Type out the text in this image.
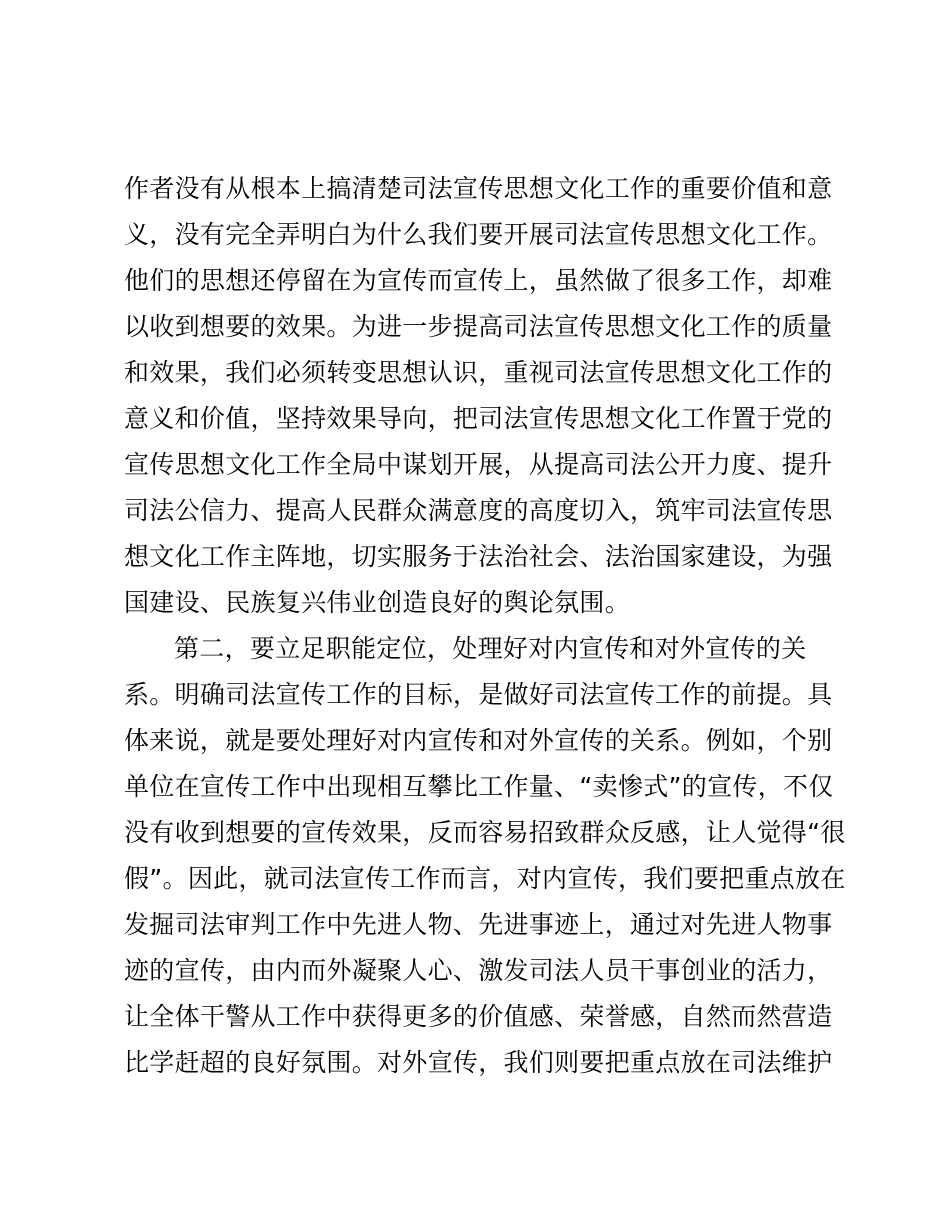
作者没有从根本上搞清楚司法宣传思想文化工作的重要价值和意
义，没有完全弄明白为什么我们要开展司法宣传思想文化工作。
他们的思想还停留在为宣传而宣传上，虽然做了很多工作，却难
以收到想要的效果。为进一步提高司法宣传思想文化工作的质量
和效果，我们必须转变思想认识，重视司法宣传思想文化工作的
意义和价值，坚持效果导向，把司法宣传思想文化工作置于党的
宣传思想文化工作全局中谋划开展，从提高司法公开力度、提升
司法公信力、提高人民群众满意度的高度切入，筑牢司法宣传思
想文化工作主阵地，切实服务于法治社会、法治国家建设，为强
国建设、民族复兴伟业创造良好的舆论氛围。
第二，要立足职能定位，处理好对内宣传和对外宣传的关
系。明确司法宣传工作的目标，是做好司法宣传工作的前提。具
体来说，就是要处理好对内宣传和对外宣传的关系。例如，个别
单位在宣传工作中出现相互攀比工作量、“卖惨式”的宣传，不仅
没有收到想要的宣传效果，反而容易招致群众反感，让人觉得“很
假”。因此，就司法宣传工作而言，对内宣传，我们要把重点放在
发掘司法审判工作中先进人物、先进事迹上，通过对先进人物事
迹的宣传，由内而外凝聚人心、激发司法人员干事创业的活力，
让全体干警从工作中获得更多的价值感、荣誉感，自然而然营造
比学赶超的良好氛围。对外宣传，我们则要把重点放在司法维护
